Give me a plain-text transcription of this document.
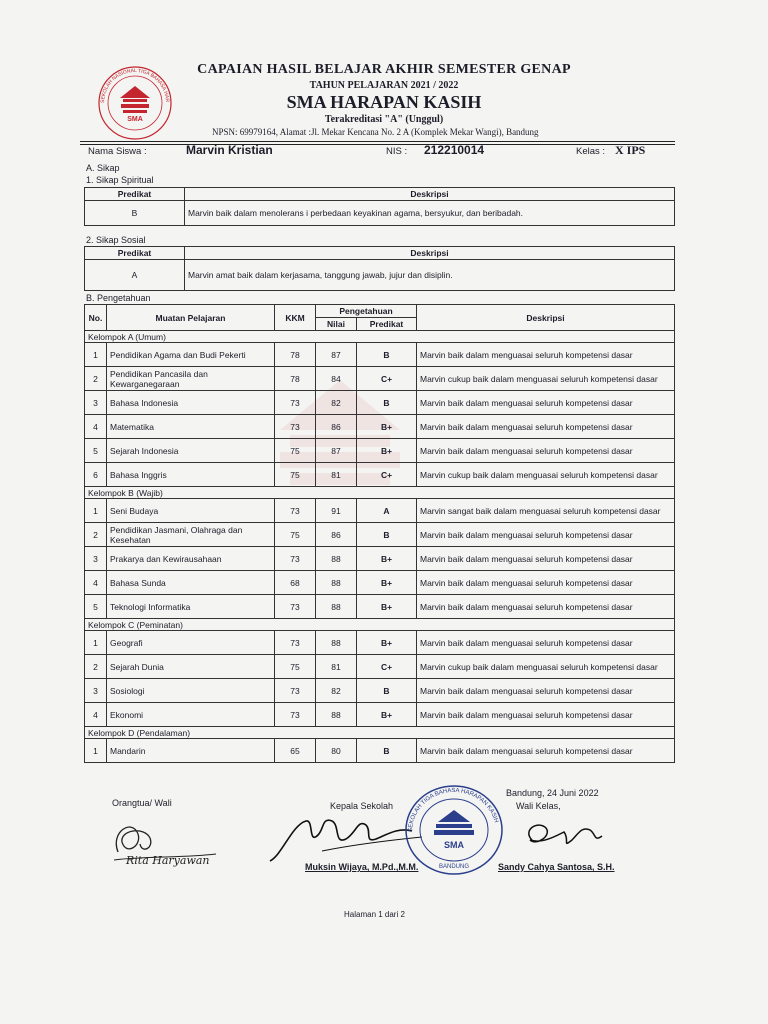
SMA
SEKOLAH NASIONAL TIGA BAHASA HAR
CAPAIAN HASIL BELAJAR AKHIR SEMESTER GENAP
TAHUN PELAJARAN 2021 / 2022
SMA HARAPAN KASIH
Terakreditasi "A" (Unggul)
NPSN: 69979164, Alamat :Jl. Mekar Kencana No. 2 A (Komplek Mekar Wangi), Bandung
Nama Siswa :	Marvin Kristian	NIS : 212210014	Kelas : X IPS
A. Sikap
1. Sikap Spiritual
Predikat	Deskripsi
B	Marvin baik dalam menolerans i perbedaan keyakinan agama, bersyukur, dan beribadah.
2. Sikap Sosial
Predikat	Deskripsi
A	Marvin amat baik dalam kerjasama, tanggung jawab, jujur dan disiplin.
B. Pengetahuan
No.	Muatan Pelajaran	KKM	Pengetahuan		Deskripsi
			Nilai	Predikat	
Kelompok A (Umum)					
1	Pendidikan Agama dan Budi Pekerti	78	87	B	Marvin baik dalam menguasai seluruh kompetensi dasar
2	Pendidikan Pancasila dan Kewarganegaraan	78	84	C+	Marvin cukup baik dalam menguasai seluruh kompetensi dasar
3	Bahasa Indonesia	73	82	B	Marvin baik dalam menguasai seluruh kompetensi dasar
4	Matematika	73	86	B+	Marvin baik dalam menguasai seluruh kompetensi dasar
5	Sejarah Indonesia	75	87	B+	Marvin baik dalam menguasai seluruh kompetensi dasar
6	Bahasa Inggris	75	81	C+	Marvin cukup baik dalam menguasai seluruh kompetensi dasar
Kelompok B (Wajib)					
1	Seni Budaya	73	91	A	Marvin sangat baik dalam menguasai seluruh kompetensi dasar
2	Pendidikan Jasmani, Olahraga dan Kesehatan	75	86	B	Marvin baik dalam menguasai seluruh kompetensi dasar
3	Prakarya dan Kewirausahaan	73	88	B+	Marvin baik dalam menguasai seluruh kompetensi dasar
4	Bahasa Sunda	68	88	B+	Marvin baik dalam menguasai seluruh kompetensi dasar
5	Teknologi Informatika	73	88	B+	Marvin baik dalam menguasai seluruh kompetensi dasar
Kelompok C (Peminatan)					
1	Geografi	73	88	B+	Marvin baik dalam menguasai seluruh kompetensi dasar
2	Sejarah Dunia	75	81	C+	Marvin cukup baik dalam menguasai seluruh kompetensi dasar
3	Sosiologi	73	82	B	Marvin baik dalam menguasai seluruh kompetensi dasar
4	Ekonomi	73	88	B+	Marvin baik dalam menguasai seluruh kompetensi dasar
Kelompok D (Pendalaman)					
1	Mandarin	65	80	B	Marvin baik dalam menguasai seluruh kompetensi dasar
Orangtua/ Wali	Kepala Sekolah
Bandung, 24 Juni 2022
Wali Kelas,
Rita Haryawan
SEKOLAH TIGA BAHASA HARAPAN KASIH
SMA
BANDUNG
Muksin Wijaya, M.Pd.,M.M.	Sandy Cahya Santosa, S.H.
Halaman 1 dari 2
